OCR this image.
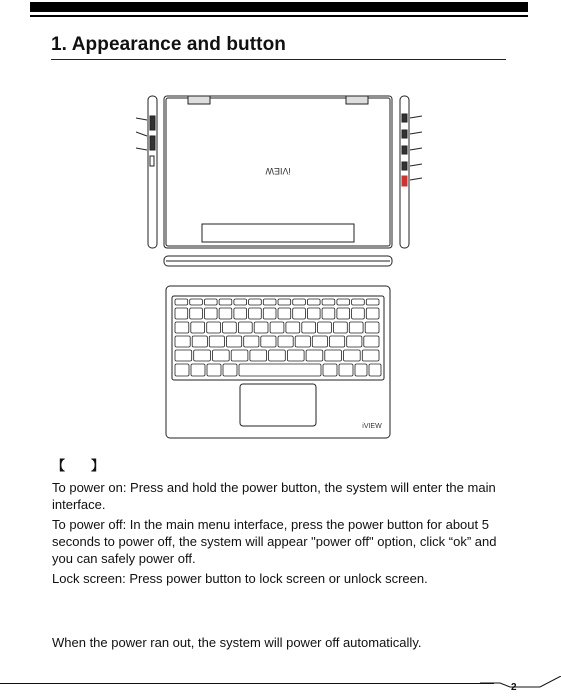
1. Appearance and button
iVIEW
iVIEW
【 】

To power on: Press and hold the power button, the system will enter the main interface.

To power off: In the main menu interface, press the power button for about 5 seconds to power off, the system will appear "power off" option, click “ok” and you can safely power off.

Lock screen: Press power button to lock screen or unlock screen.

When the power ran out, the system will power off automatically.

2
